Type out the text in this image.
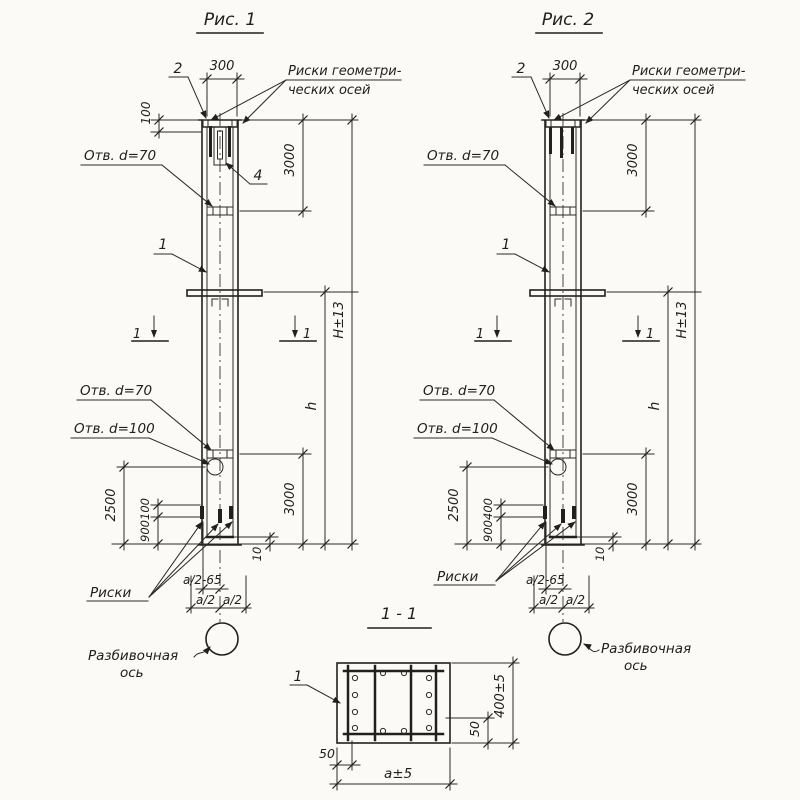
Рис. 1
1	1
2 300	Риски геометри-
ческих осей
100
Отв. d=70	3000
4
1
H±13
h
Отв. d=70
Отв. d=100
2500 100
900
3000
10
Риски
a/2-65
a/2 a/2
Разбивочная
ось
Рис. 2
1	1
2 300	Риски геометри-
ческих осей
Отв. d=70	3000
1
H±13
h
Отв. d=70
Отв. d=100
2500 400
900
3000
10
Риски	a/2-65
a/2 a/2
Разбивочная
ось
1 - 1
1
50
a±5
50
400±5
